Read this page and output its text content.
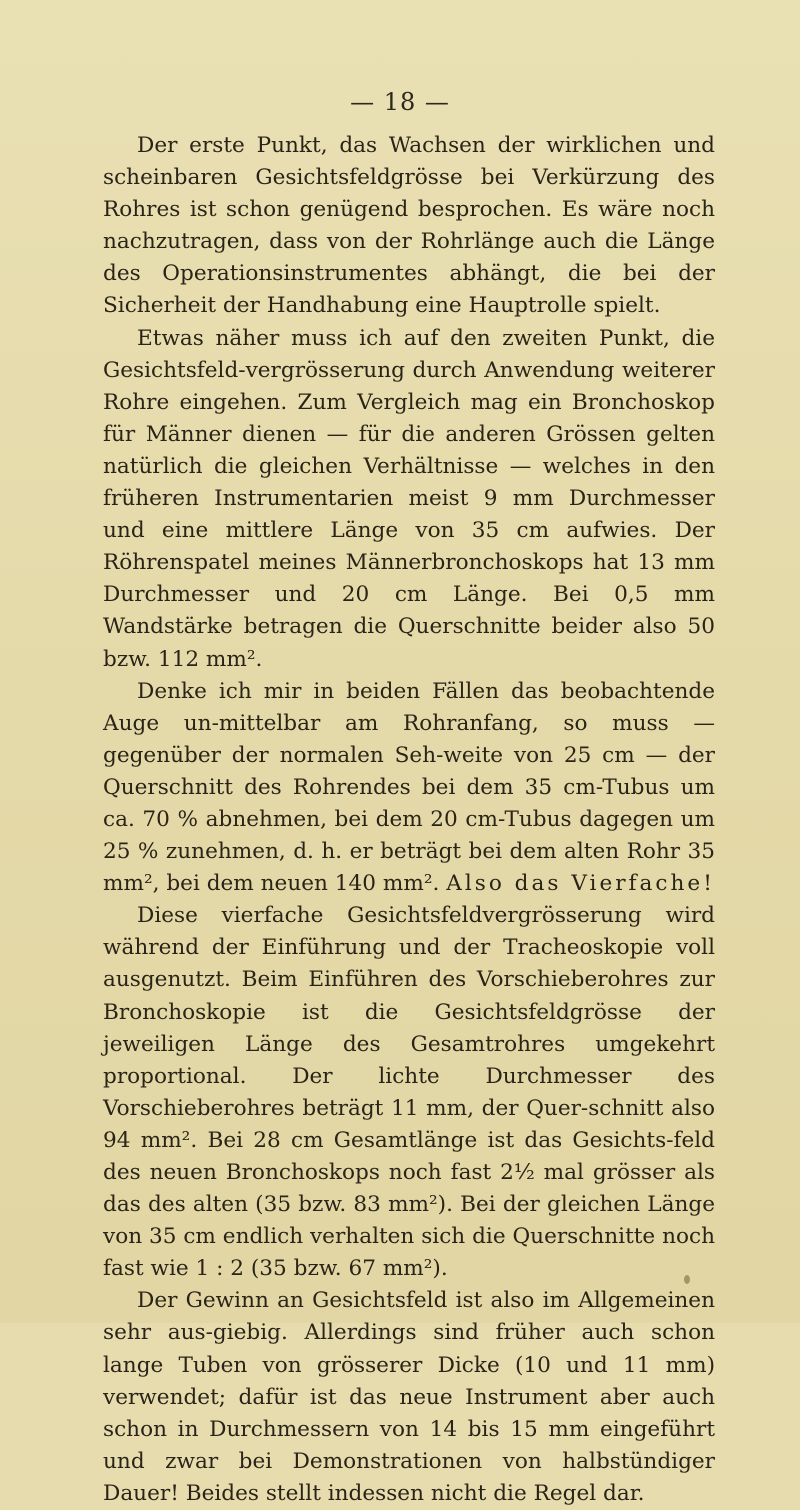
— 18 —

Der erste Punkt, das Wachsen der wirklichen und scheinbaren Gesichtsfeldgrösse bei Verkürzung des Rohres ist schon genügend besprochen. Es wäre noch nachzutragen, dass von der Rohrlänge auch die Länge des Operationsinstrumentes abhängt, die bei der Sicherheit der Handhabung eine Hauptrolle spielt.

Etwas näher muss ich auf den zweiten Punkt, die Gesichtsfeld-vergrösserung durch Anwendung weiterer Rohre eingehen. Zum Vergleich mag ein Bronchoskop für Männer dienen — für die anderen Grössen gelten natürlich die gleichen Verhältnisse — welches in den früheren Instrumentarien meist 9 mm Durchmesser und eine mittlere Länge von 35 cm aufwies. Der Röhrenspatel meines Männerbronchoskops hat 13 mm Durchmesser und 20 cm Länge. Bei 0,5 mm Wandstärke betragen die Querschnitte beider also 50 bzw. 112 mm².

Denke ich mir in beiden Fällen das beobachtende Auge un-mittelbar am Rohranfang, so muss — gegenüber der normalen Seh-weite von 25 cm — der Querschnitt des Rohrendes bei dem 35 cm-Tubus um ca. 70 % abnehmen, bei dem 20 cm-Tubus dagegen um 25 % zunehmen, d. h. er beträgt bei dem alten Rohr 35 mm², bei dem neuen 140 mm². Also das Vierfache!

Diese vierfache Gesichtsfeldvergrösserung wird während der Einführung und der Tracheoskopie voll ausgenutzt. Beim Einführen des Vorschieberohres zur Bronchoskopie ist die Gesichtsfeldgrösse der jeweiligen Länge des Gesamtrohres umgekehrt proportional. Der lichte Durchmesser des Vorschieberohres beträgt 11 mm, der Quer-schnitt also 94 mm². Bei 28 cm Gesamtlänge ist das Gesichts-feld des neuen Bronchoskops noch fast 2½ mal grösser als das des alten (35 bzw. 83 mm²). Bei der gleichen Länge von 35 cm endlich verhalten sich die Querschnitte noch fast wie 1 : 2 (35 bzw. 67 mm²).

Der Gewinn an Gesichtsfeld ist also im Allgemeinen sehr aus-giebig. Allerdings sind früher auch schon lange Tuben von grösserer Dicke (10 und 11 mm) verwendet; dafür ist das neue Instrument aber auch schon in Durchmessern von 14 bis 15 mm eingeführt und zwar bei Demonstrationen von halbstündiger Dauer! Beides stellt indessen nicht die Regel dar.
